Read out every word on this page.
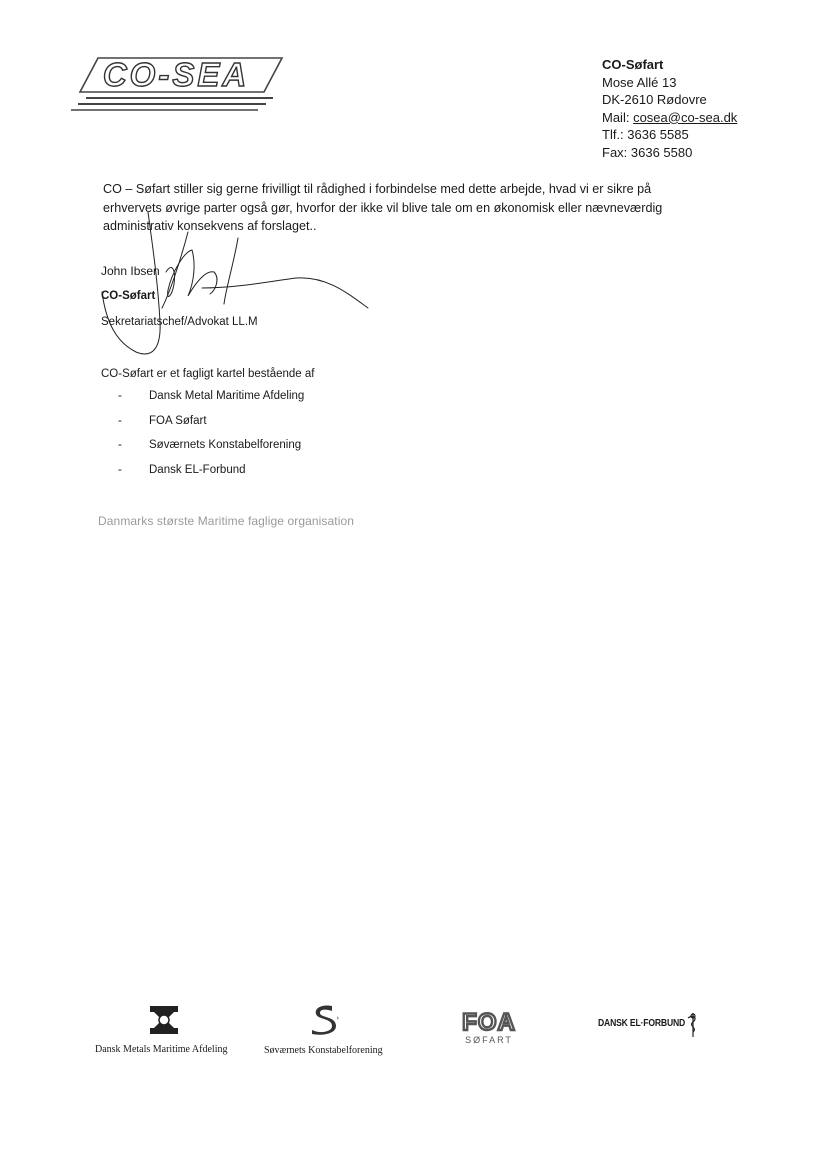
CO-SEA	CO-Søfart
Mose Allé 13
DK-2610 Rødovre
Mail: cosea@co-sea.dk
Tlf.: 3636 5585
Fax: 3636 5580
CO – Søfart stiller sig gerne frivilligt til rådighed i forbindelse med dette arbejde, hvad vi er sikre på erhvervets øvrige parter også gør, hvorfor der ikke vil blive tale om en økonomisk eller nævneværdig administrativ konsekvens af forslaget..
John Ibsen
CO-Søfart
Sekretariatschef/Advokat LL.M
CO-Søfart er et fagligt kartel bestående af
-	Dansk Metal Maritime Afdeling
-	FOA Søfart
-	Søværnets Konstabelforening
-	Dansk EL-Forbund
Danmarks største Maritime faglige organisation
Dansk Metals Maritime Afdeling	Søværnets Konstabelforening
FOA
SØFART
DANSK EL·FORBUND
